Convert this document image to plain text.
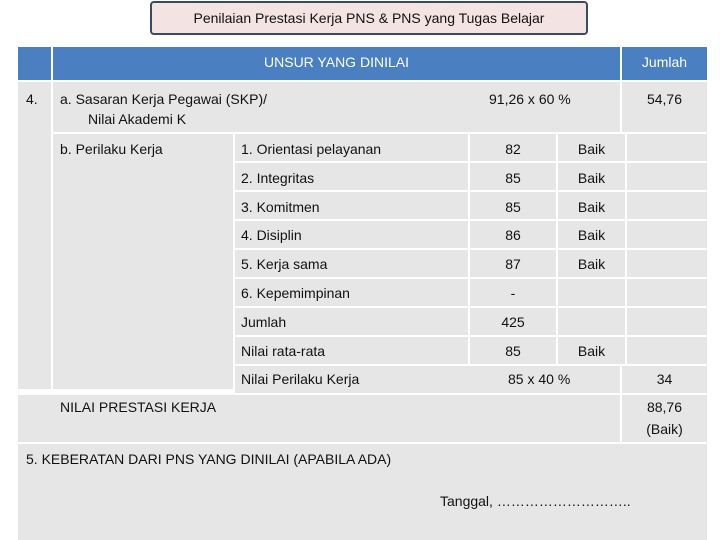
Penilaian Prestasi Kerja PNS & PNS yang Tugas Belajar
UNSUR YANG DINILAI	Jumlah
4. a. Sasaran Kerja Pegawai (SKP)/
Nilai Akademi K
91,26 x 60 %	54,76
b. Perilaku Kerja	1. Orientasi pelayanan	82	Baik
2. Integritas	85	Baik
3. Komitmen	85	Baik
4. Disiplin	86	Baik
5. Kerja sama	87	Baik
6. Kepemimpinan	-
Jumlah	425
Nilai rata-rata	85	Baik
Nilai Perilaku Kerja	85 x 40 %	34
NILAI PRESTASI KERJA	88,76
(Baik)
5. KEBERATAN DARI PNS YANG DINILAI (APABILA ADA)
Tanggal, ………………………..
